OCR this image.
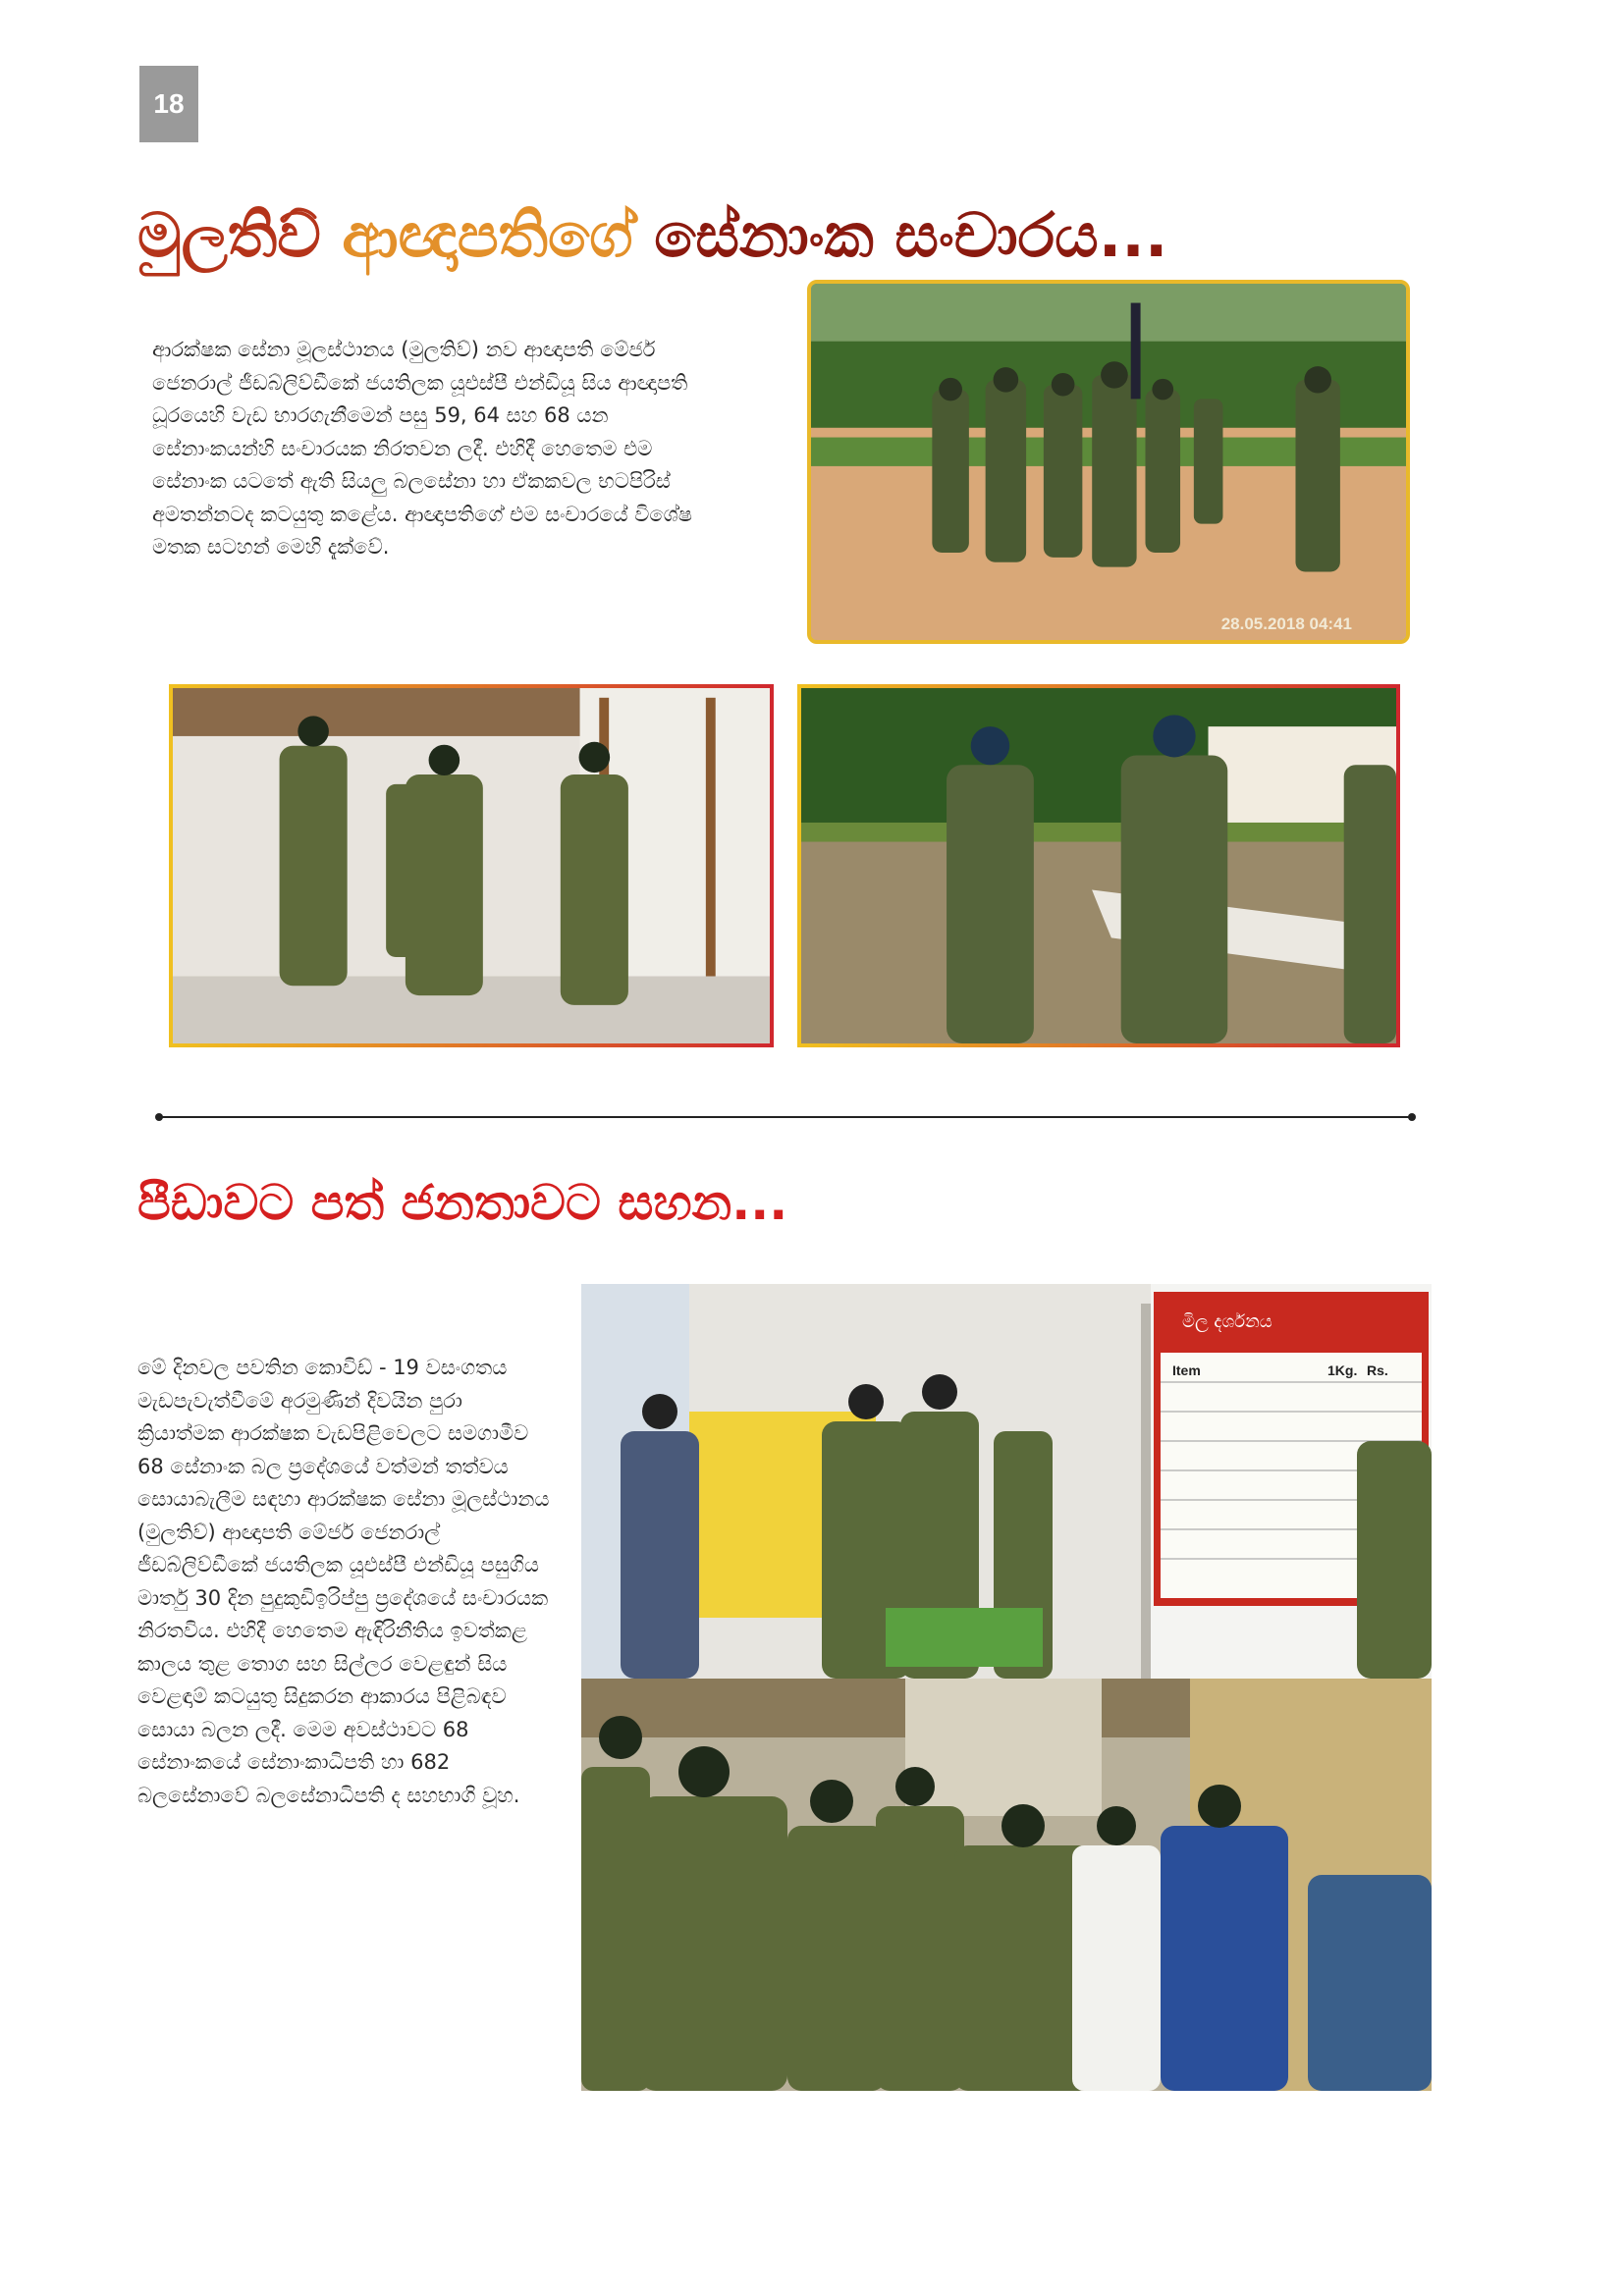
18
මුලතිව් ආඥාපතිගේ සේනාංක සංචාරය...

ආරක්ෂක සේනා මූලස්ථානය (මුලතිව්) නව ආඥාපති මේජර් ජෙනරාල් ජීඩබ්ලිව්ඩීකේ ජයතිලක යූඑස්පී එන්ඩියූ සිය ආඥාපති ධූරයෙහි වැඩ භාරගැනීමෙන් පසු 59, 64 සහ 68 යන සේනාංකයන්හි සංචාරයක නිරතවන ලදී. එහිදී හෙතෙම එම සේනාංක යටතේ ඇති සියලු බලසේනා හා ඒකකවල භටපිරිස් අමතන්නටද කටයුතු කළේය. ආඥාපතිගේ එම සංචාරයේ විශේෂ මතක සටහන් මෙහි දැක්වේ.

28.05.2018 04:41
පීඩාවට පත් ජනතාවට සහන...

මේ දිනවල පවතින කොවිඩ් - 19 වසංගතය මැඩපැවැත්වීමේ අරමුණින් දිවයින පුරා ක්‍රියාත්මක ආරක්ෂක වැඩපිළිවෙලට සමගාමීව 68 සේනාංක බල ප්‍රදේශයේ වත්මන් තත්වය සොයාබැලීම සඳහා ආරක්ෂක සේනා මූලස්ථානය (මුලතිව්) ආඥාපති මේජර් ජෙනරාල් ජීඩබ්ලිව්ඩීකේ ජයතිලක යූඑස්පී එන්ඩියූ පසුගිය මාර්තු 30 දින පුදුකුඩිඉරිප්පු ප්‍රදේශයේ සංචාරයක නිරතවිය. එහිදී හෙතෙම ඇඳිරිනීතිය ඉවත්කළ කාලය තුළ තොග සහ සිල්ලර වෙළඳුන් සිය වෙළඳාම් කටයුතු සිදුකරන ආකාරය පිළිබඳව සොයා බලන ලදී. මෙම අවස්ථාවට 68 සේනාංකයේ සේනාංකාධිපති හා 682 බලසේනාවේ බලසේනාධිපති ද සහභාගි වූහ.

මිල දර්ශනය
Item	1Kg. Rs.
